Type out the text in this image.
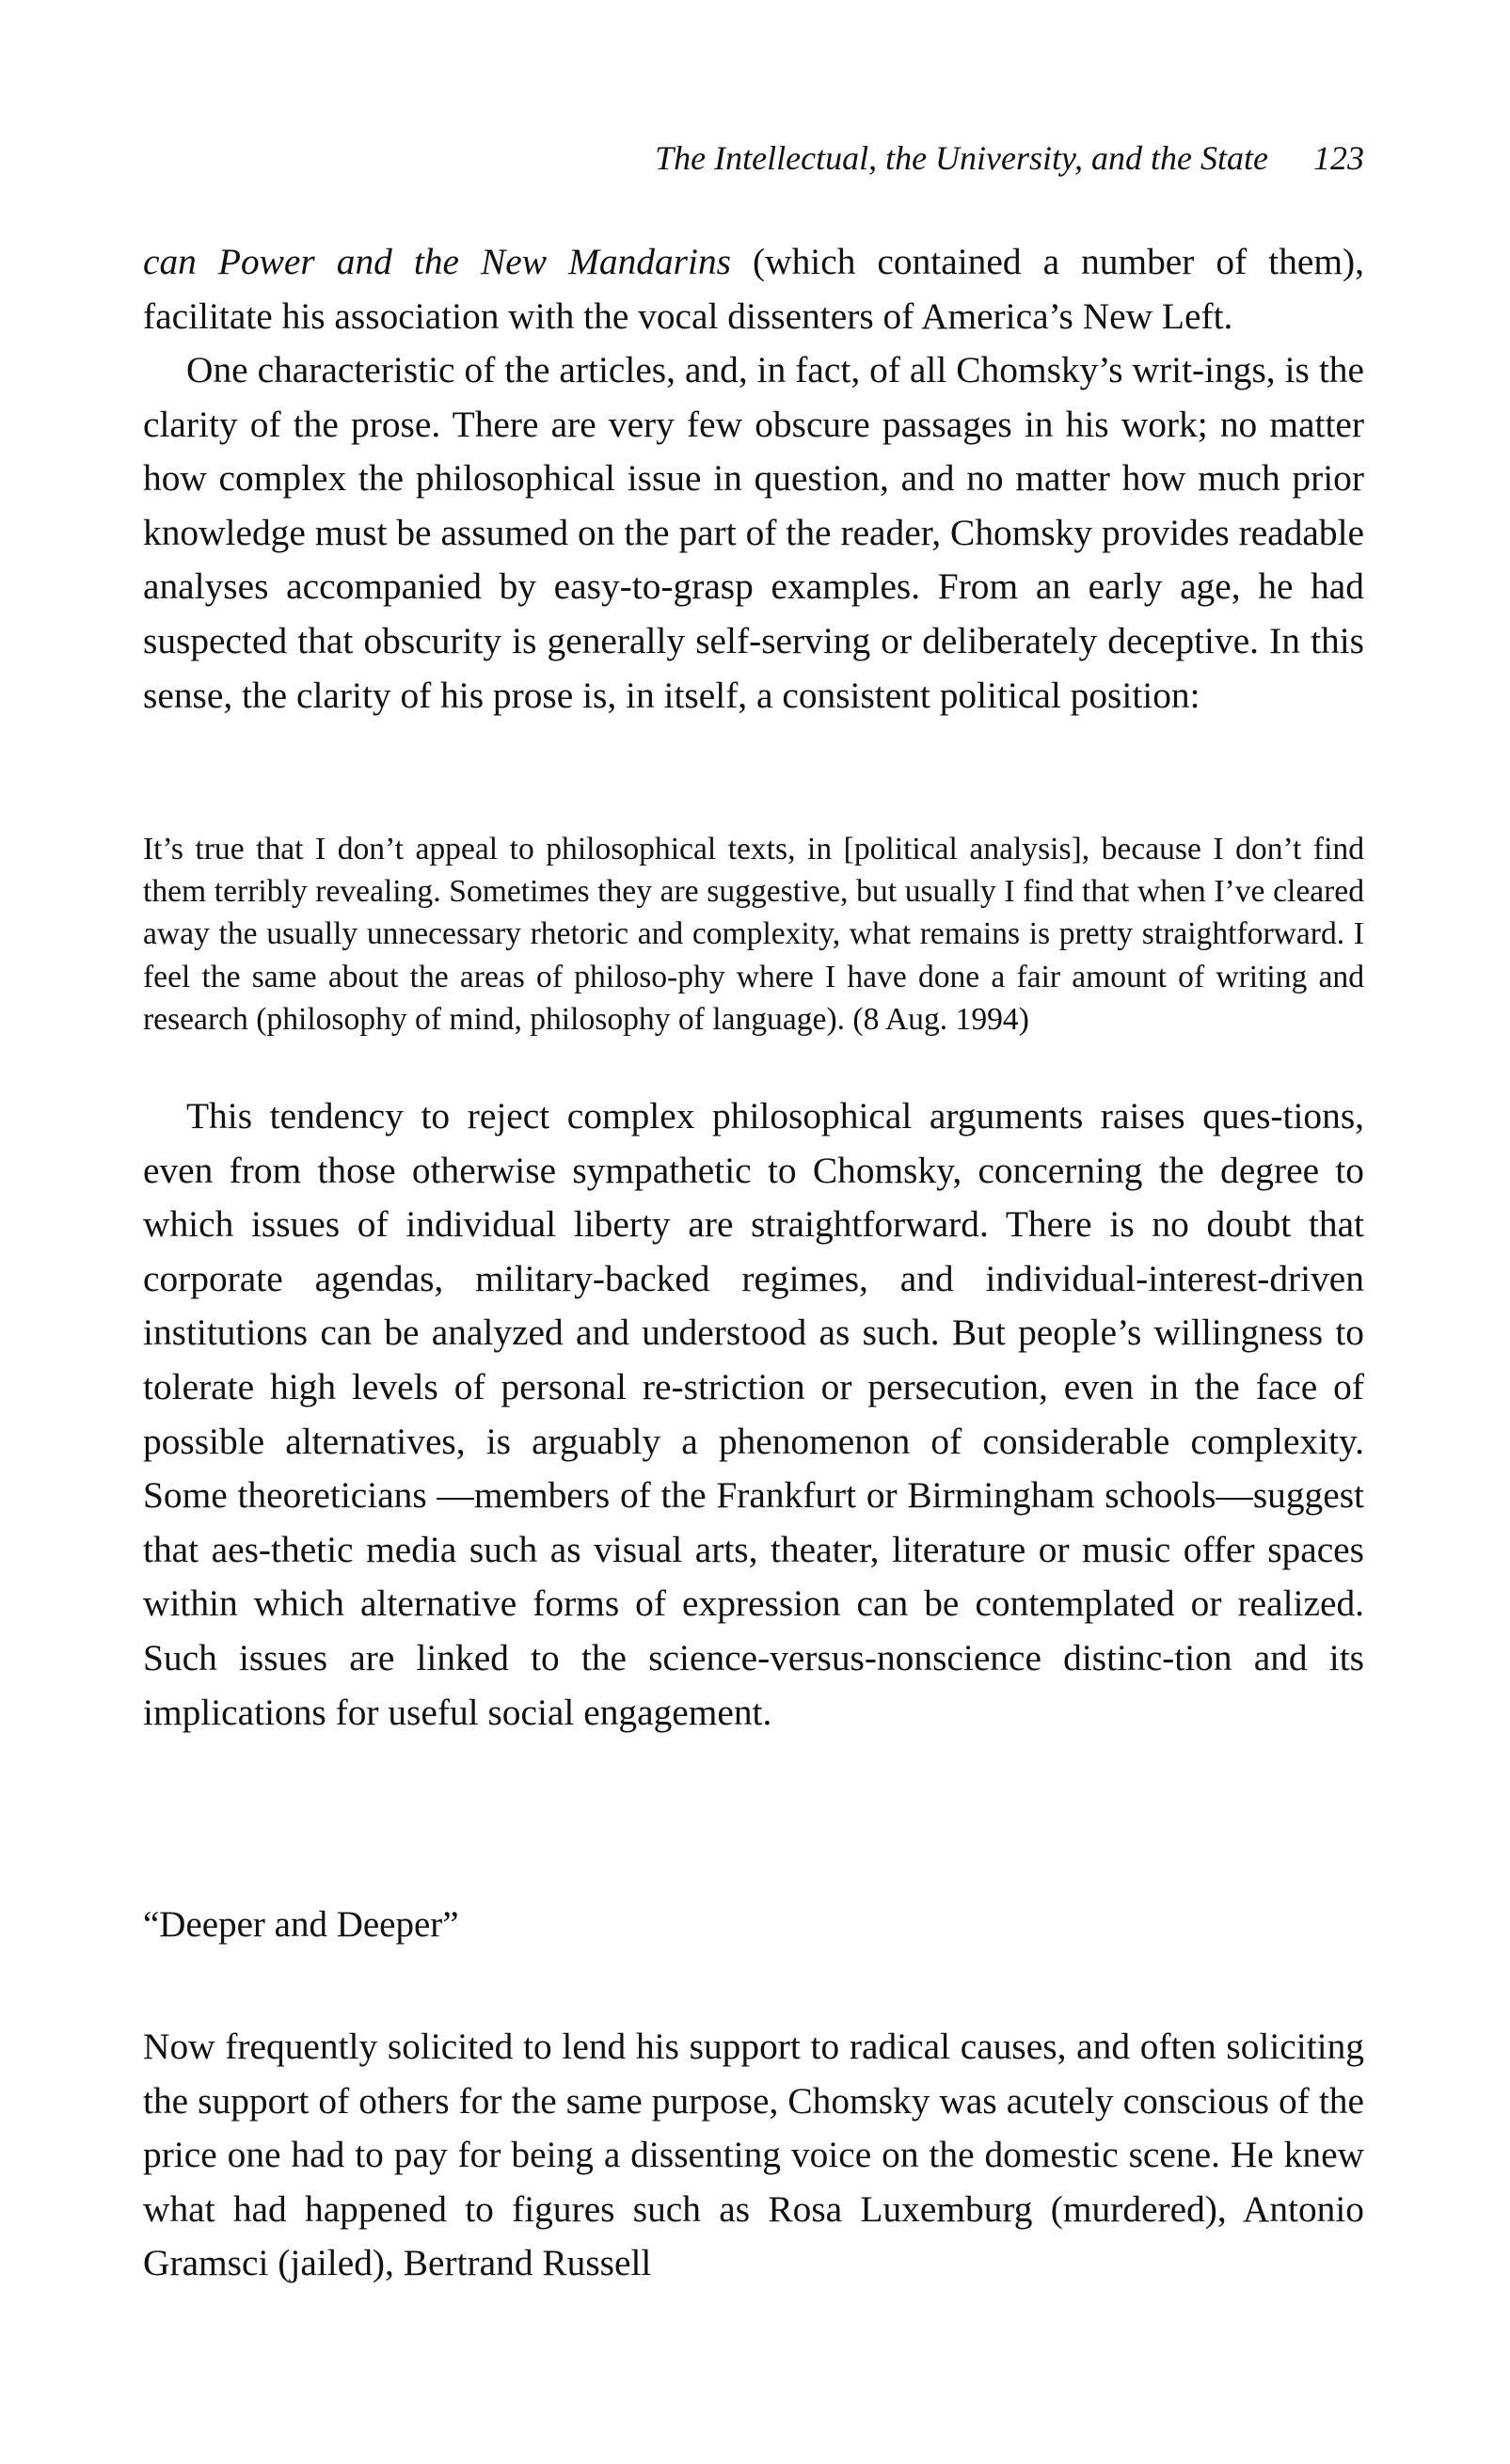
The Intellectual, the University, and the State 123

can Power and the New Mandarins (which contained a number of them), facilitate his association with the vocal dissenters of America’s New Left.

One characteristic of the articles, and, in fact, of all Chomsky’s writ-ings, is the clarity of the prose. There are very few obscure passages in his work; no matter how complex the philosophical issue in question, and no matter how much prior knowledge must be assumed on the part of the reader, Chomsky provides readable analyses accompanied by easy-to-grasp examples. From an early age, he had suspected that obscurity is generally self-serving or deliberately deceptive. In this sense, the clarity of his prose is, in itself, a consistent political position:

It’s true that I don’t appeal to philosophical texts, in [political analysis], because I don’t find them terribly revealing. Sometimes they are suggestive, but usually I find that when I’ve cleared away the usually unnecessary rhetoric and complexity, what remains is pretty straightforward. I feel the same about the areas of philoso-phy where I have done a fair amount of writing and research (philosophy of mind, philosophy of language). (8 Aug. 1994)

This tendency to reject complex philosophical arguments raises ques-tions, even from those otherwise sympathetic to Chomsky, concerning the degree to which issues of individual liberty are straightforward. There is no doubt that corporate agendas, military-backed regimes, and individual-interest-driven institutions can be analyzed and understood as such. But people’s willingness to tolerate high levels of personal re-striction or persecution, even in the face of possible alternatives, is arguably a phenomenon of considerable complexity. Some theoreticians —members of the Frankfurt or Birmingham schools—suggest that aes-thetic media such as visual arts, theater, literature or music offer spaces within which alternative forms of expression can be contemplated or realized. Such issues are linked to the science-versus-nonscience distinc-tion and its implications for useful social engagement.

“Deeper and Deeper”

Now frequently solicited to lend his support to radical causes, and often soliciting the support of others for the same purpose, Chomsky was acutely conscious of the price one had to pay for being a dissenting voice on the domestic scene. He knew what had happened to figures such as Rosa Luxemburg (murdered), Antonio Gramsci (jailed), Bertrand Russell
